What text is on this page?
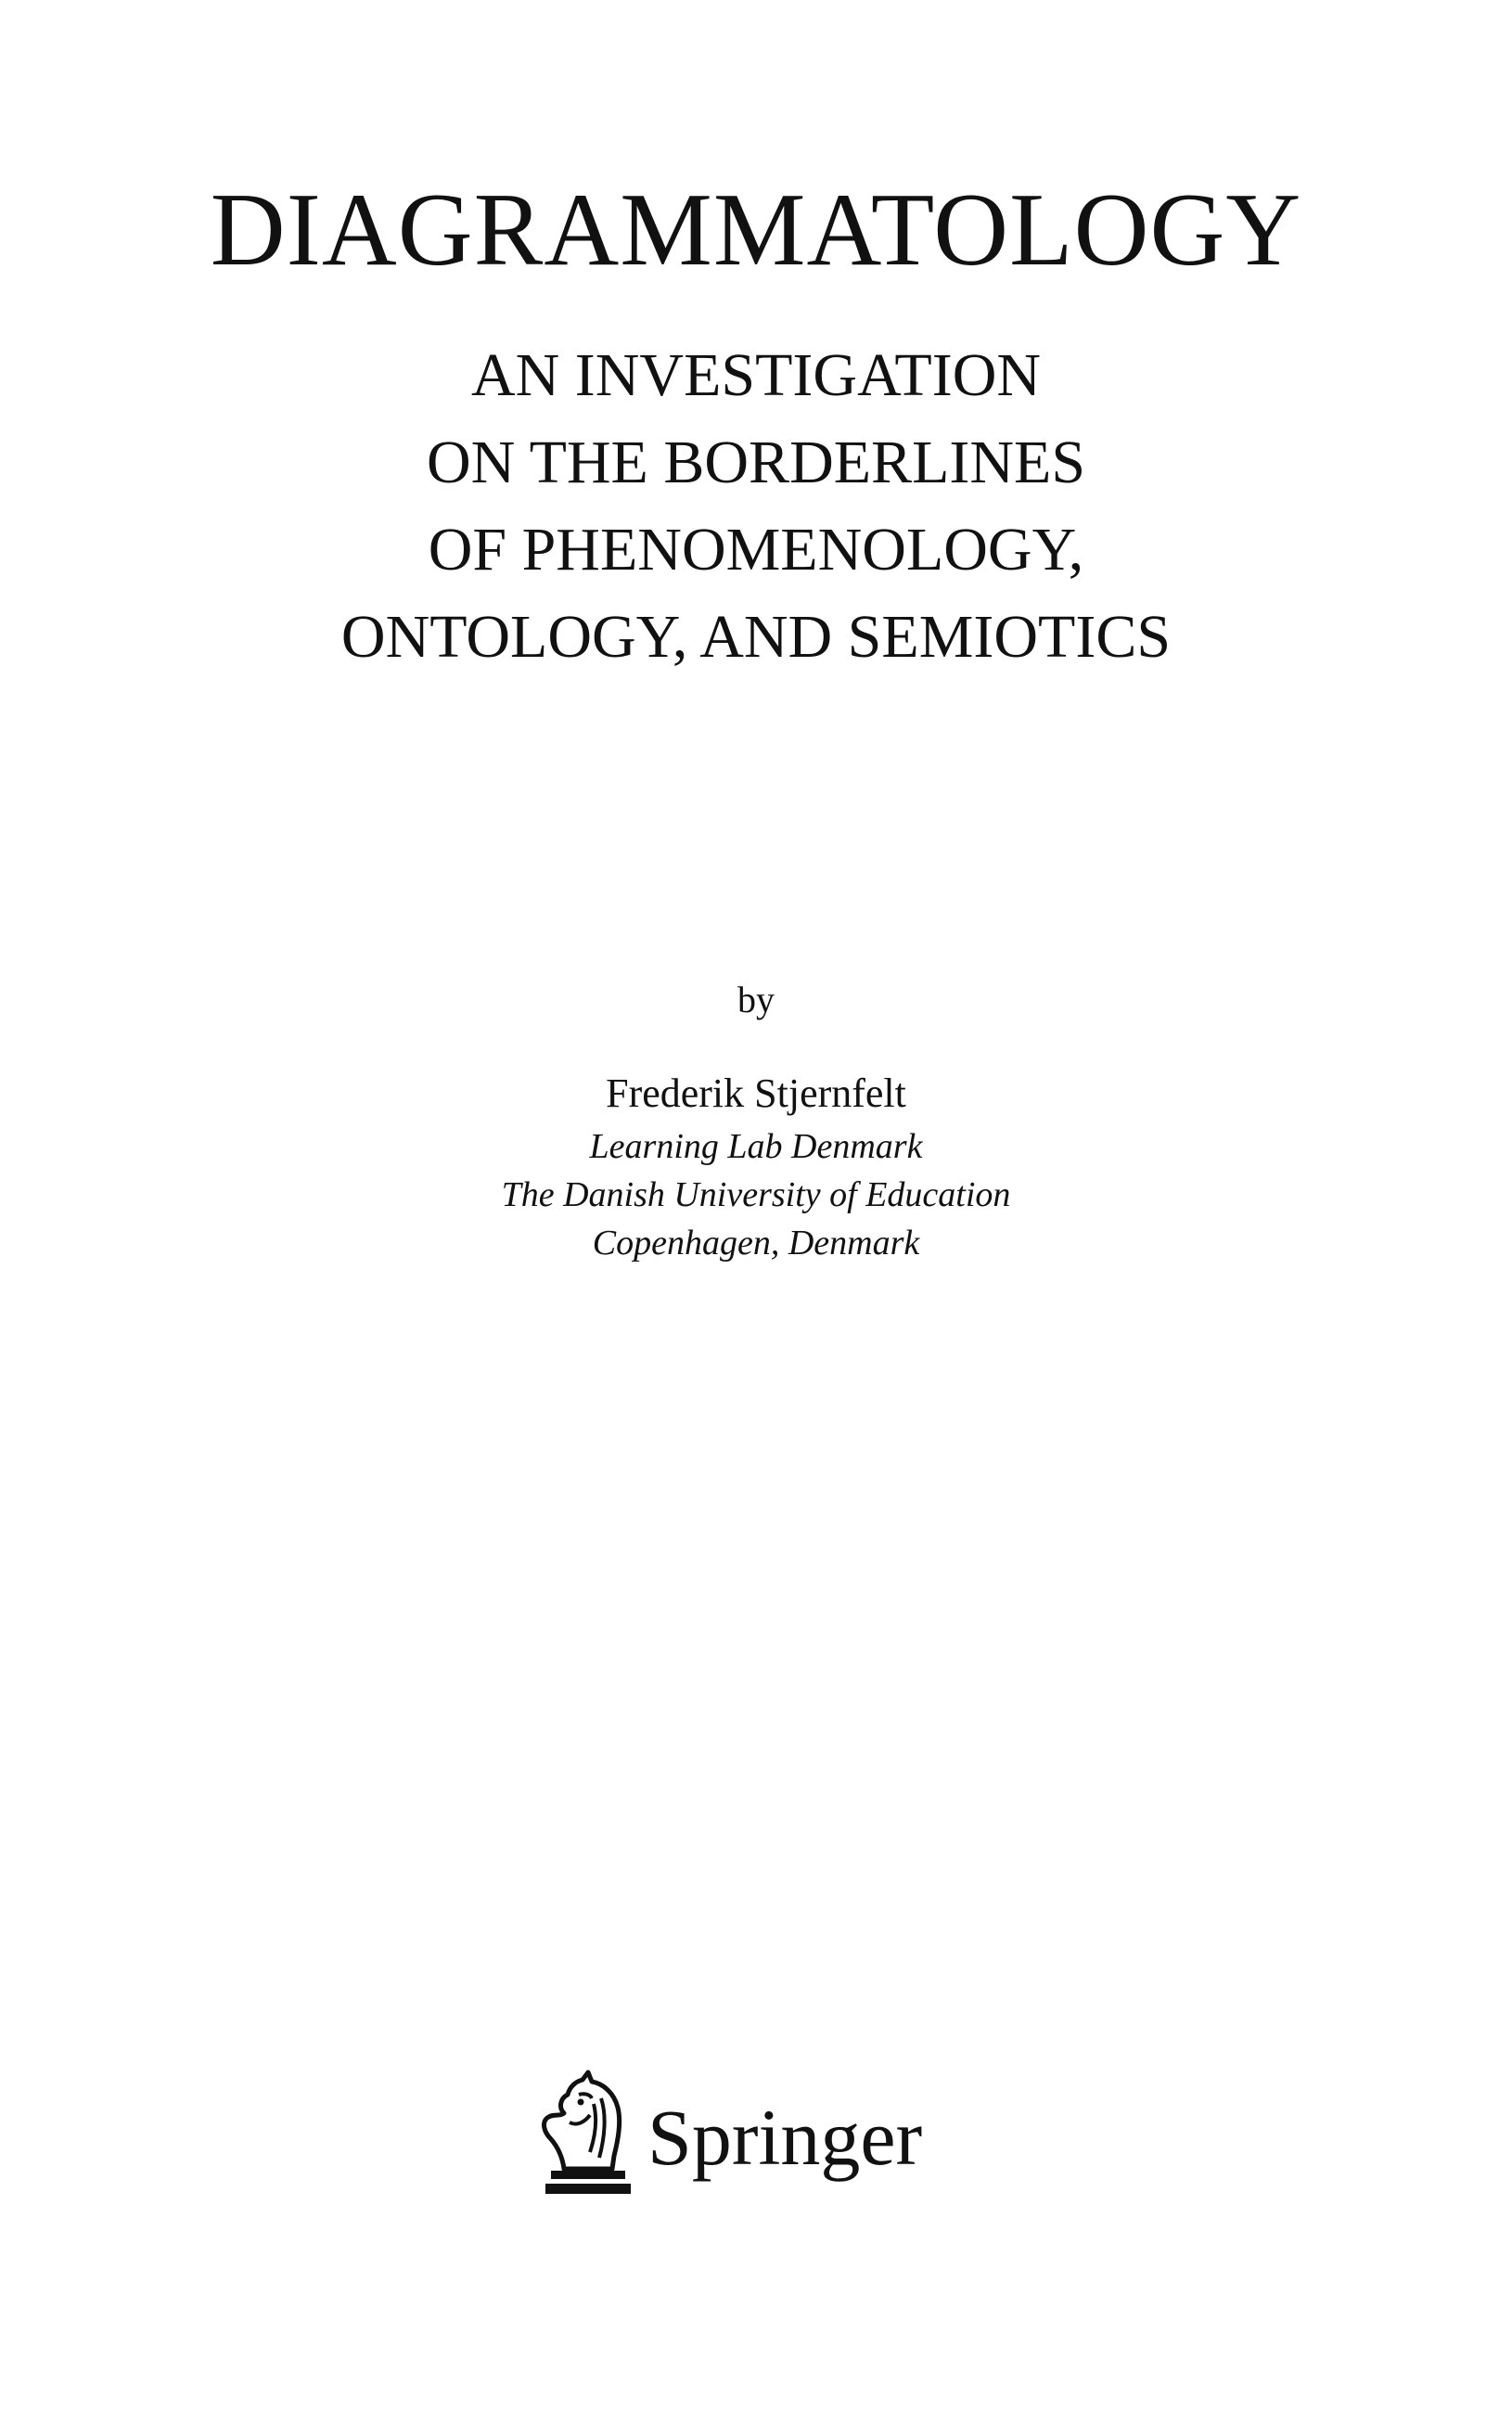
DIAGRAMMATOLOGY
AN INVESTIGATION
ON THE BORDERLINES
OF PHENOMENOLOGY,
ONTOLOGY, AND SEMIOTICS
by
Frederik Stjernfelt
Learning Lab Denmark
The Danish University of Education
Copenhagen, Denmark
Springer
